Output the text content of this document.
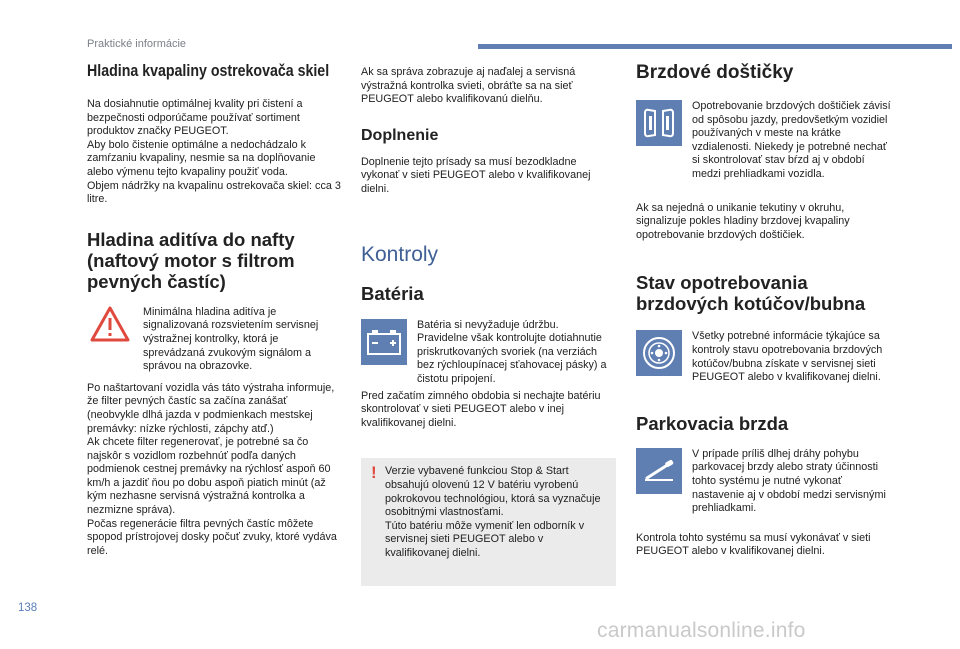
Praktické informácie
Hladina kvapaliny ostrekovača skiel

Na dosiahnutie optimálnej kvality pri čistení a bezpečnosti odporúčame používať sortiment produktov značky PEUGEOT.
Aby bolo čistenie optimálne a nedochádzalo k zamŕzaniu kvapaliny, nesmie sa na doplňovanie alebo výmenu tejto kvapaliny použiť voda.
Objem nádržky na kvapalinu ostrekovača skiel: cca 3 litre.

Hladina aditíva do nafty (naftový motor s filtrom pevných častíc)

Minimálna hladina aditíva je signalizovaná rozsvietením servisnej výstražnej kontrolky, ktorá je sprevádzaná zvukovým signálom a správou na obrazovke.

Po naštartovaní vozidla vás táto výstraha informuje, že filter pevných častíc sa začína zanášať (neobvykle dlhá jazda v podmienkach mestskej premávky: nízke rýchlosti, zápchy atď.)
Ak chcete filter regenerovať, je potrebné sa čo najskôr s vozidlom rozbehnúť podľa daných podmienok cestnej premávky na rýchlosť aspoň 60 km/h a jazdiť ňou po dobu aspoň piatich minút (až kým nezhasne servisná výstražná kontrolka a nezmizne správa).
Počas regenerácie filtra pevných častíc môžete spopod prístrojovej dosky počuť zvuky, ktoré vydáva relé.

Ak sa správa zobrazuje aj naďalej a servisná výstražná kontrolka svieti, obráťte sa na sieť PEUGEOT alebo kvalifikovanú dielňu.

Doplnenie

Doplnenie tejto prísady sa musí bezodkladne vykonať v sieti PEUGEOT alebo v kvalifikovanej dielni.

Kontroly
Batéria

Batéria si nevyžaduje údržbu.
Pravidelne však kontrolujte dotiahnutie priskrutkovaných svoriek (na verziách bez rýchloupínacej sťahovacej pásky) a čistotu pripojení.

Pred začatím zimného obdobia si nechajte batériu skontrolovať v sieti PEUGEOT alebo v inej kvalifikovanej dielni.

! Verzie vybavené funkciou Stop & Start obsahujú olovenú 12 V batériu vyrobenú pokrokovou technológiou, ktorá sa vyznačuje osobitnými vlastnosťami.
Túto batériu môže vymeniť len odborník v servisnej sieti PEUGEOT alebo v kvalifikovanej dielni.

Brzdové doštičky

Opotrebovanie brzdových doštičiek závisí od spôsobu jazdy, predovšetkým vozidiel používaných v meste na krátke vzdialenosti. Niekedy je potrebné nechať si skontrolovať stav bŕzd aj v období medzi prehliadkami vozidla.

Ak sa nejedná o unikanie tekutiny v okruhu, signalizuje pokles hladiny brzdovej kvapaliny opotrebovanie brzdových doštičiek.

Stav opotrebovania brzdových kotúčov/bubna

Všetky potrebné informácie týkajúce sa kontroly stavu opotrebovania brzdových kotúčov/bubna získate v servisnej sieti PEUGEOT alebo v kvalifikovanej dielni.

Parkovacia brzda

V prípade príliš dlhej dráhy pohybu parkovacej brzdy alebo straty účinnosti tohto systému je nutné vykonať nastavenie aj v období medzi servisnými prehliadkami.

Kontrola tohto systému sa musí vykonávať v sieti PEUGEOT alebo v kvalifikovanej dielni.

138
carmanualsonline.info
